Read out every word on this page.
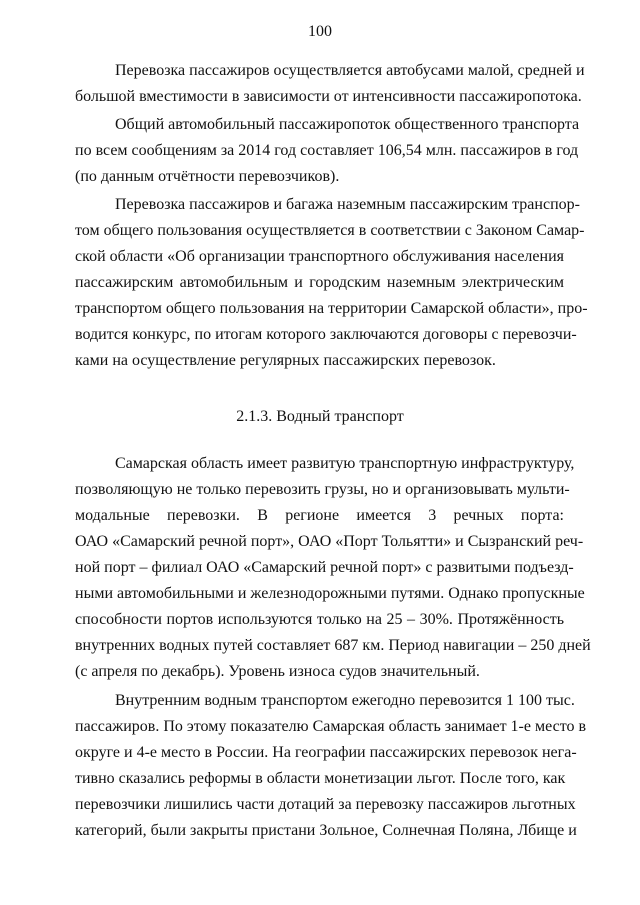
100
Перевозка пассажиров осуществляется автобусами малой, средней и
большой вместимости в зависимости от интенсивности пассажиропотока.
Общий автомобильный пассажиропоток общественного транспорта
по всем сообщениям за 2014 год составляет 106,54 млн. пассажиров в год
(по данным отчётности перевозчиков).
Перевозка пассажиров и багажа наземным пассажирским транспор-
том общего пользования осуществляется в соответствии с Законом Самар-
ской области «Об организации транспортного обслуживания населения
пассажирским автомобильным и городским наземным электрическим
транспортом общего пользования на территории Самарской области», про-
водится конкурс, по итогам которого заключаются договоры с перевозчи-
ками на осуществление регулярных пассажирских перевозок.
2.1.3. Водный транспорт
Самарская область имеет развитую транспортную инфраструктуру,
позволяющую не только перевозить грузы, но и организовывать мульти-
модальные перевозки. В регионе имеется 3 речных порта:
ОАО «Самарский речной порт», ОАО «Порт Тольятти» и Сызранский реч-
ной порт – филиал ОАО «Самарский речной порт» с развитыми подъезд-
ными автомобильными и железнодорожными путями. Однако пропускные
способности портов используются только на 25 – 30%. Протяжённость
внутренних водных путей составляет 687 км. Период навигации – 250 дней
(с апреля по декабрь). Уровень износа судов значительный.
Внутренним водным транспортом ежегодно перевозится 1 100 тыс.
пассажиров. По этому показателю Самарская область занимает 1-е место в
округе и 4-е место в России. На географии пассажирских перевозок нега-
тивно сказались реформы в области монетизации льгот. После того, как
перевозчики лишились части дотаций за перевозку пассажиров льготных
категорий, были закрыты пристани Зольное, Солнечная Поляна, Лбище и
